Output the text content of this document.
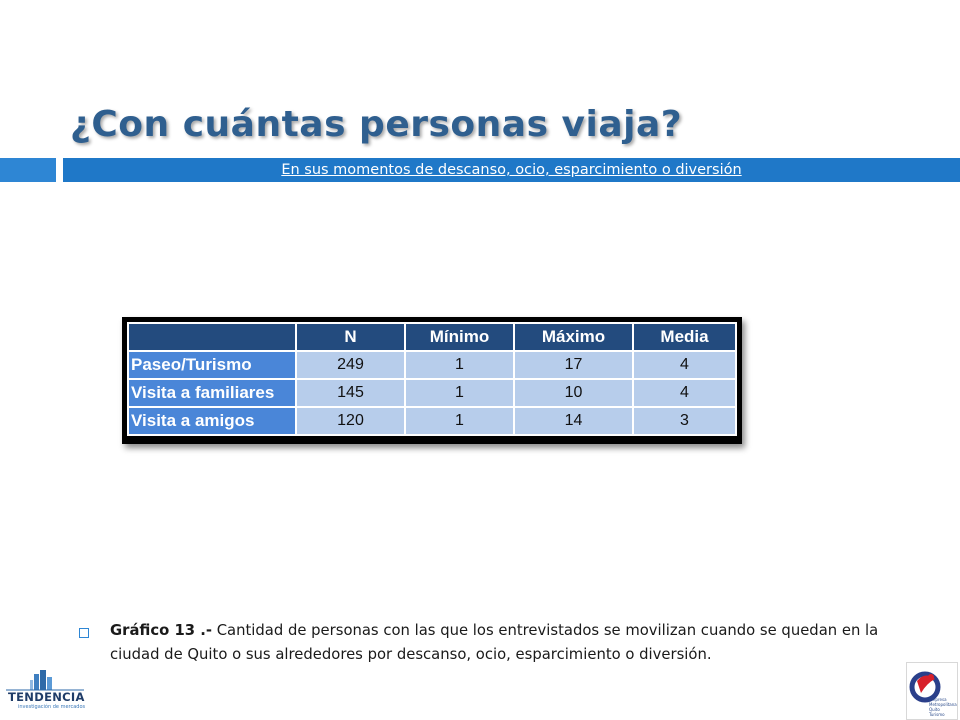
¿Con cuántas personas viaja?
En sus momentos de descanso, ocio, esparcimiento o diversión
	N	Mínimo	Máximo	Media
Paseo/Turismo	249	1	17	4
Visita a familiares	145	1	10	4
Visita a amigos	120	1	14	3
Gráfico 13 .- Cantidad de personas con las que los entrevistados se movilizan cuando se quedan en la ciudad de Quito o sus alrededores por descanso, ocio, esparcimiento o diversión.
TENDENCIA
investigación de mercados
Empresa Metropolitana Quito Turismo
